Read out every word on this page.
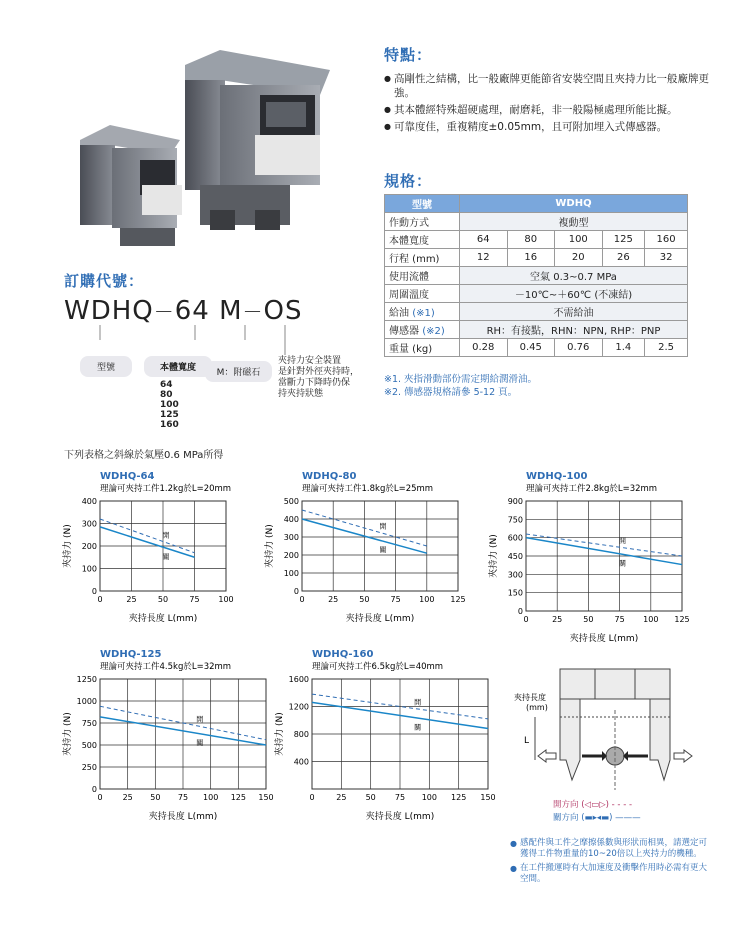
特點：
● 高剛性之結構，比一般廠牌更能節省安裝空間且夾持力比一般廠牌更強。
● 其本體經特殊超硬處理，耐磨耗，非一般陽極處理所能比擬。
● 可靠度佳，重複精度±0.05mm，且可附加埋入式傳感器。
規格：
型號	WDHQ				
作動方式	複動型				
本體寬度	64	80	100	125	160
行程 (mm)	12	16	20	26	32
使用流體	空氣 0.3~0.7 MPa				
周圍溫度	－10℃~＋60℃ (不凍結)				
給油 (※1)	不需給油				
傳感器 (※2)	RH：有接點，RHN：NPN, RHP：PNP				
重量 (kg)	0.28	0.45	0.76	1.4	2.5
※1. 夾指滑動部份需定期給潤滑油。
※2. 傳感器規格請參 5-12 頁。
訂購代號：
WDHQ－64 M－OS
型號	本體寬度
64
80
100
125
160
M：附磁石
夾持力安全裝置
是針對外徑夾持時，
當斷力下降時仍保
持夾持狀態
下列表格之斜線於氣壓0.6 MPa所得
WDHQ-64
理論可夾持工件1.2kg於L=20mm
0	25	50	75 100
0
100
200
300
400
開
關
夾持長度 L(mm)
夾持力 (N)
WDHQ-80
理論可夾持工件1.8kg於L=25mm
0	25	50	75 100 125
0
100
200
300
400
500
開
關
夾持長度 L(mm)
夾持力 (N)
WDHQ-100
理論可夾持工件2.8kg於L=32mm
0	25	50	75 100 125
0
150
300
450
600
750
900
開
關
夾持長度 L(mm)
夾持力 (N)
WDHQ-125
理論可夾持工件4.5kg於L=32mm
0	25 50 75 100 125 150
0
250
500
750
1000
1250
開
關
夾持長度 L(mm)
夾持力 (N)
WDHQ-160
理論可夾持工件6.5kg於L=40mm
0	25 50 75 100 125 150
400
800
1200
1600
開
關
夾持長度 L(mm)
夾持力 (N)
夾持長度(mm)
L
開方向 (◁▭▷) - - - -
關方向 (▬▸◂▬) ———
● 感配件與工件之摩擦係數與形狀而相異，請選定可獲得工件物重量的10~20倍以上夾持力的機種。
● 在工件搬運時有大加速度及衝擊作用時必需有更大空間。
